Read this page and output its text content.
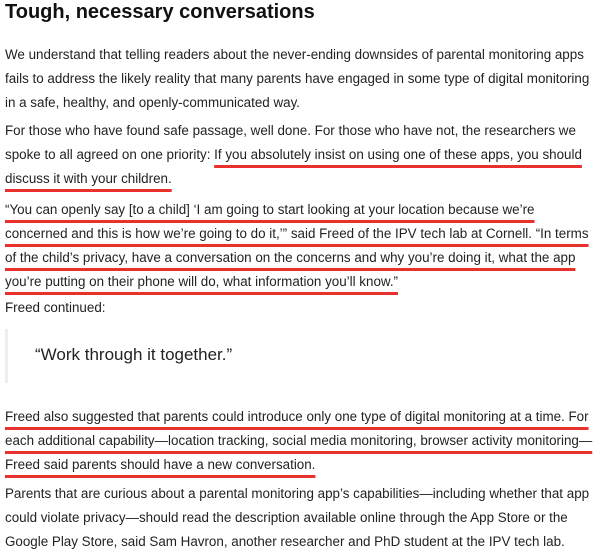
Tough, necessary conversations

We understand that telling readers about the never-ending downsides of parental monitoring apps fails to address the likely reality that many parents have engaged in some type of digital monitoring in a safe, healthy, and openly-communicated way.

For those who have found safe passage, well done. For those who have not, the researchers we spoke to all agreed on one priority: If you absolutely insist on using one of these apps, you should discuss it with your children.

“You can openly say [to a child] ‘I am going to start looking at your location because we’re concerned and this is how we’re going to do it,’” said Freed of the IPV tech lab at Cornell. “In terms of the child’s privacy, have a conversation on the concerns and why you’re doing it, what the app you’re putting on their phone will do, what information you’ll know.”

Freed continued:

“Work through it together.”

Freed also suggested that parents could introduce only one type of digital monitoring at a time. For each additional capability—location tracking, social media monitoring, browser activity monitoring—Freed said parents should have a new conversation.

Parents that are curious about a parental monitoring app’s capabilities—including whether that app could violate privacy—should read the description available online through the App Store or the Google Play Store, said Sam Havron, another researcher and PhD student at the IPV tech lab.
